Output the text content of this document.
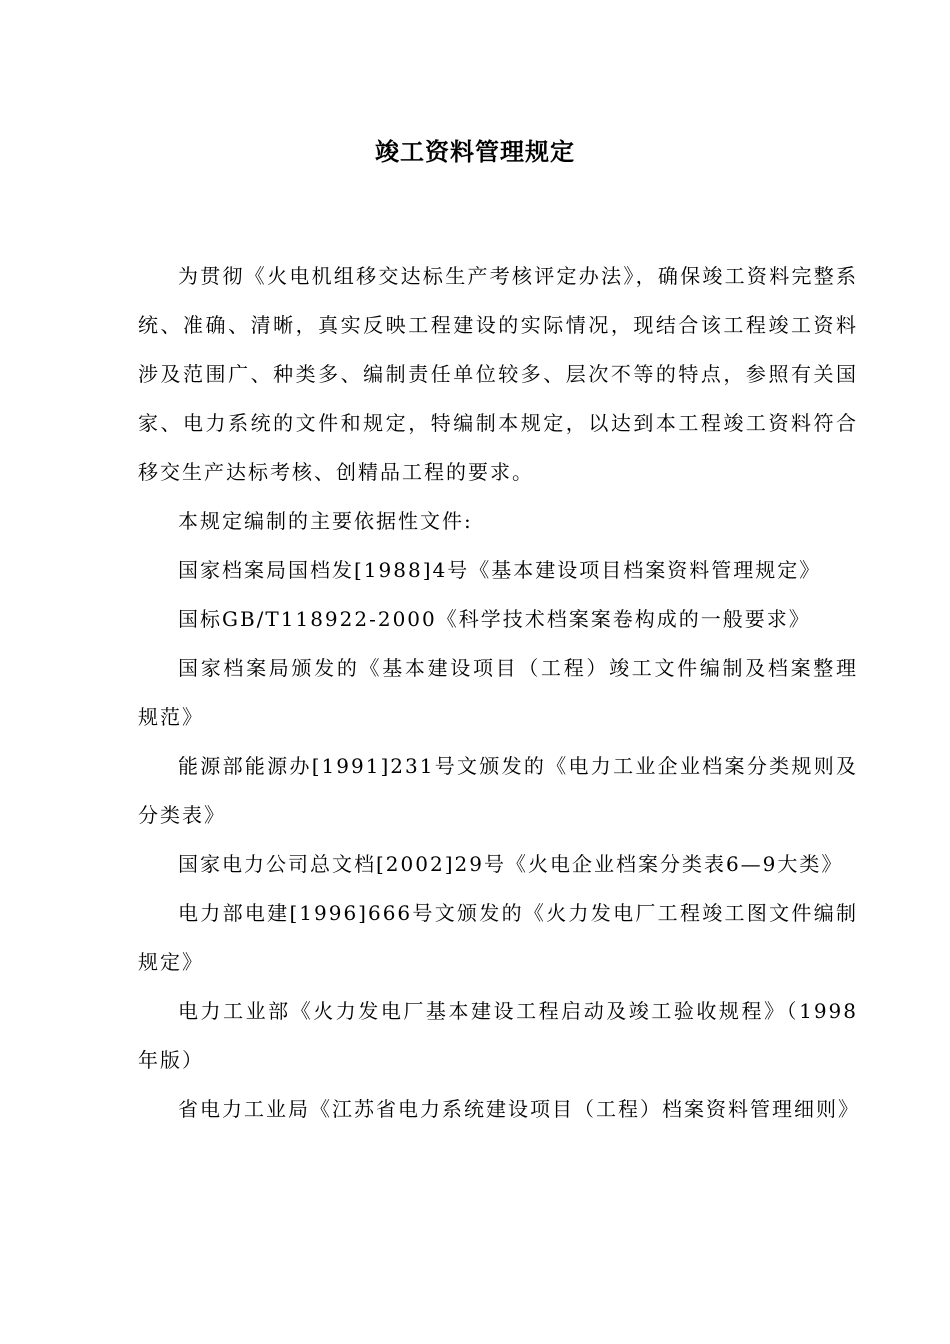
竣工资料管理规定

为贯彻《火电机组移交达标生产考核评定办法》，确保竣工资料完整系统、准确、清晰，真实反映工程建设的实际情况，现结合该工程竣工资料涉及范围广、种类多、编制责任单位较多、层次不等的特点，参照有关国家、电力系统的文件和规定，特编制本规定，以达到本工程竣工资料符合移交生产达标考核、创精品工程的要求。

本规定编制的主要依据性文件:

国家档案局国档发[1988]4号《基本建设项目档案资料管理规定》

国标GB/T118922-2000《科学技术档案案卷构成的一般要求》

国家档案局颁发的《基本建设项目（工程）竣工文件编制及档案整理规范》

能源部能源办[1991]231号文颁发的《电力工业企业档案分类规则及分类表》

国家电力公司总文档[2002]29号《火电企业档案分类表6—9大类》

电力部电建[1996]666号文颁发的《火力发电厂工程竣工图文件编制规定》

电力工业部《火力发电厂基本建设工程启动及竣工验收规程》（1998年版）

省电力工业局《江苏省电力系统建设项目（工程）档案资料管理细则》
